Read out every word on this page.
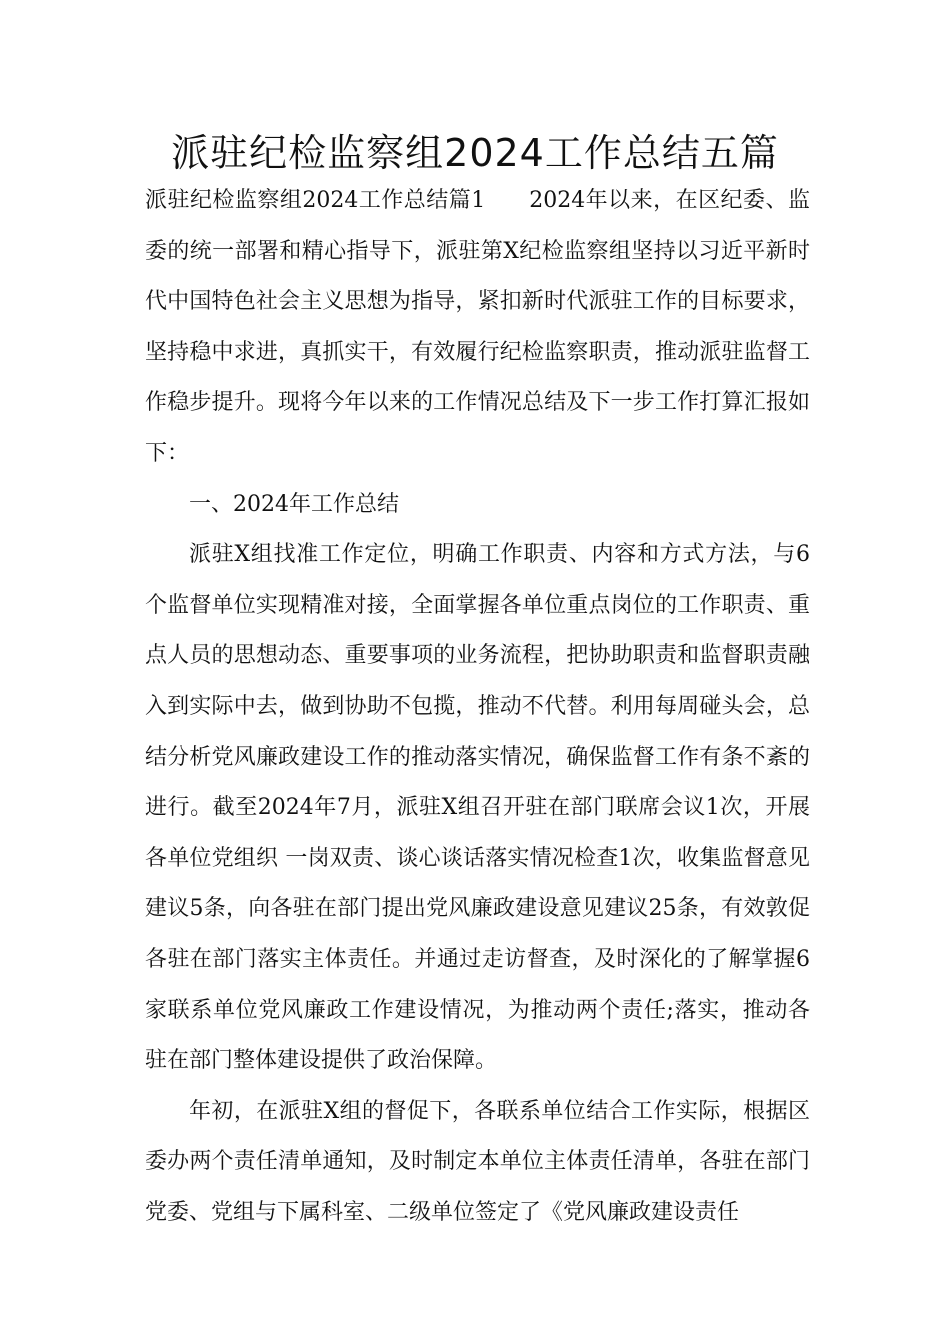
派驻纪检监察组2024工作总结五篇

派驻纪检监察组2024工作总结篇1 2024年以来，在区纪委、监委的统一部署和精心指导下，派驻第X纪检监察组坚持以习近平新时代中国特色社会主义思想为指导，紧扣新时代派驻工作的目标要求，坚持稳中求进，真抓实干，有效履行纪检监察职责，推动派驻监督工作稳步提升。现将今年以来的工作情况总结及下一步工作打算汇报如下：

一、2024年工作总结

派驻X组找准工作定位，明确工作职责、内容和方式方法，与6个监督单位实现精准对接，全面掌握各单位重点岗位的工作职责、重点人员的思想动态、重要事项的业务流程，把协助职责和监督职责融入到实际中去，做到协助不包揽，推动不代替。利用每周碰头会，总结分析党风廉政建设工作的推动落实情况，确保监督工作有条不紊的进行。截至2024年7月，派驻X组召开驻在部门联席会议1次，开展各单位党组织 一岗双责、谈心谈话落实情况检查1次，收集监督意见建议5条，向各驻在部门提出党风廉政建设意见建议25条，有效敦促各驻在部门落实主体责任。并通过走访督查，及时深化的了解掌握6家联系单位党风廉政工作建设情况，为推动两个责任;落实，推动各驻在部门整体建设提供了政治保障。

年初，在派驻X组的督促下，各联系单位结合工作实际，根据区委办两个责任清单通知，及时制定本单位主体责任清单，各驻在部门党委、党组与下属科室、二级单位签定了《党风廉政建设责任
